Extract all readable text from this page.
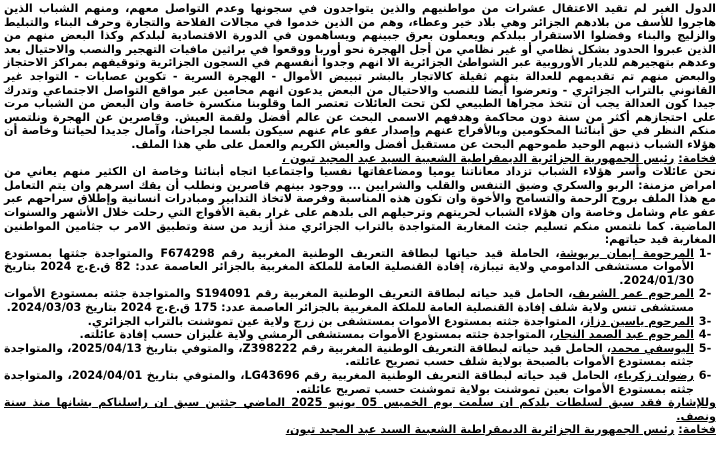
الدول الغير لم تقيد الاعتقال عشرات من مواطنيهم والذين يتواجدون في سجونها وعدم التواصل معهم، ومنهم الشباب الذين هاجروا للأسف من بلادهم الجزائر وهي بلاد خير وعطاء، وهم من الذين خدموا في مجالات الفلاحة والتجارة وحرف البناء والتبليط والزليج والبناء وفضلوا الاستقرار ببلدكم ويعملون بعرق جبينهم ويساهمون في الدورة الاقتصادية لبلدكم وكذا البعض منهم من الذين عبروا الحدود بشكل نظامي أو غير نظامي من أجل الهجرة نحو أوربا ووقعوا في براثين مافيات التهجير والنصب والاحتيال بعد وعدهم بتهجيرهم للديار الأوروبية عبر الشواطئ الجزائرية الا انهم وجدوا أنفسهم في السجون الجزائرية وتوقيفهم بمراكز الاحتجاز والبعض منهم تم تقديمهم للعدالة بتهم ثقيلة كالاتجار بالبشر تبييض الأموال - الهجرة السرية - تكوين عصابات - التواجد غير القانوني بالتراب الجزائري - وتعرضوا أيضا للنصب والاحتيال من البعض يدعون انهم محامين عبر مواقع التواصل الاجتماعي وتدرك جيدا كون العدالة يجب أن تتخذ مجراها الطبيعي لكن تحت العائلات تعتصر الما وقلوبنا منكسرة خاصة وان البعض من الشباب مرت على احتجازهم أكثر من سنة دون محاكمة وهدفهم الاسمى البحث عن عالم أفضل ولقمة العيش. وقاصرين عن الهجرة ونلتمس منكم النظر في حق أبنائنا المحكومين وبالأفراج عنهم وإصدار عفو عام عنهم سيكون بلسما لجراحنا، وآمال جديدا لحياتنا وخاصة أن هؤلاء الشباب ذنبهم الوحيد طموحهم البحث عن مستقبل أفضل والعيش الكريم والعمل على طي هذا الملف.

فخامة: رئيس الجمهورية الجزائرية الديمقراطية الشعبية السيد عبد المجيد تبون ،

نحن عائلات وأسر هؤلاء الشباب تزداد معاناتنا يوميا ومضاعفاتها نفسيا واجتماعيا اتجاه أبنائنا وخاصة ان الكثير منهم يعاني من امراض مزمنة: الربو والسكري وضيق التنفس والقلب والشرايين ... ووجود بينهم قاصرين ونطلب أن يقك اسرهم وان يتم التعامل مع هذا الملف بروح الرحمة والتسامح والأخوة وان تكون هذه المناسبة وفرصة لاتخاذ التدابير ومبادرات انسانية وإطلاق سراحهم عبر عفو عام وشامل وخاصة وان هؤلاء الشباب لحريتهم وترحيلهم الى بلدهم على غرار بقية الأفواج التي رحلت خلال الأشهر والسنوات الماضية. كما نلتمس منكم تسليم جثث المغاربة المتواجدة بالتراب الجزائري منذ أزيد من سنة وتطبيق الامر ب جثامين المواطنين المغاربة قيد حياتهم:

-1
المرحومة إيمان بربوشة، الحاملة قيد حياتها لبطاقة التعريف الوطنية المغربية رقم F674298 والمتواجدة جثتها بمستودع الأموات مستشفى الدامومي ولاية تيبازة، إفادة القنصلية العامة للملكة المغربية بالجزائر العاصمة عدد: 82 ق.ع.ج 2024 بتاريخ 2024/01/30.
-2
المرحوم عمر الشريف، الحامل قيد حياته لبطاقة التعريف الوطنية المغربية رقم S194091 والمتواجدة جثته بمستودع الأموات مستشفى تنس ولاية شلف إفادة القنصلية العامة للملكة المغربية بالجزائر العاصمة عدد: 175 ق.ع.ج 2024 بتاريخ 2024/03/03.
-3
المرحوم ياسين دزاز، المتواجدة جثته بمستودع الأموات بمستشفى بن زرج ولاية عين تموشنت بالتراب الجزائري.
-4
المرحوم عبد الصمد النجار، المتواجدة جثته بمستودع الأموات بمستشفى الرمشي ولاية غليزان حسب إفادة عائلته.
-5
اليوسفي محمد، الحامل قيد حياته لبطاقة التعريف الوطنية المغربية رقم Z398222، والمتوفي بتاريخ 2025/04/13، والمتواجدة جثته بمستودع الأموات بالصبحة بولاية شلف حسب تصريح عائلته.
-6
رضوان زكرياء، الحامل قيد حياته لبطاقة التعريف الوطنية المغربية رقم LG43696، والمتوفي بتاريخ 2024/04/01، والمتواجدة جثته بمستودع الأموات بعين تموشنت بولاية تموشنت حسب تصريح عائلته.

وللإشارة فقد سبق لسلطات بلدكم ان سلمت يوم الخميس 05 يونيو 2025 الماضي جثتين سبق ان راسلناكم بشانها منذ سنة ونصف.

فخامة: رئيس الجمهورية الجزائرية الديمقراطية الشعبية السيد عبد المجيد تبون،
